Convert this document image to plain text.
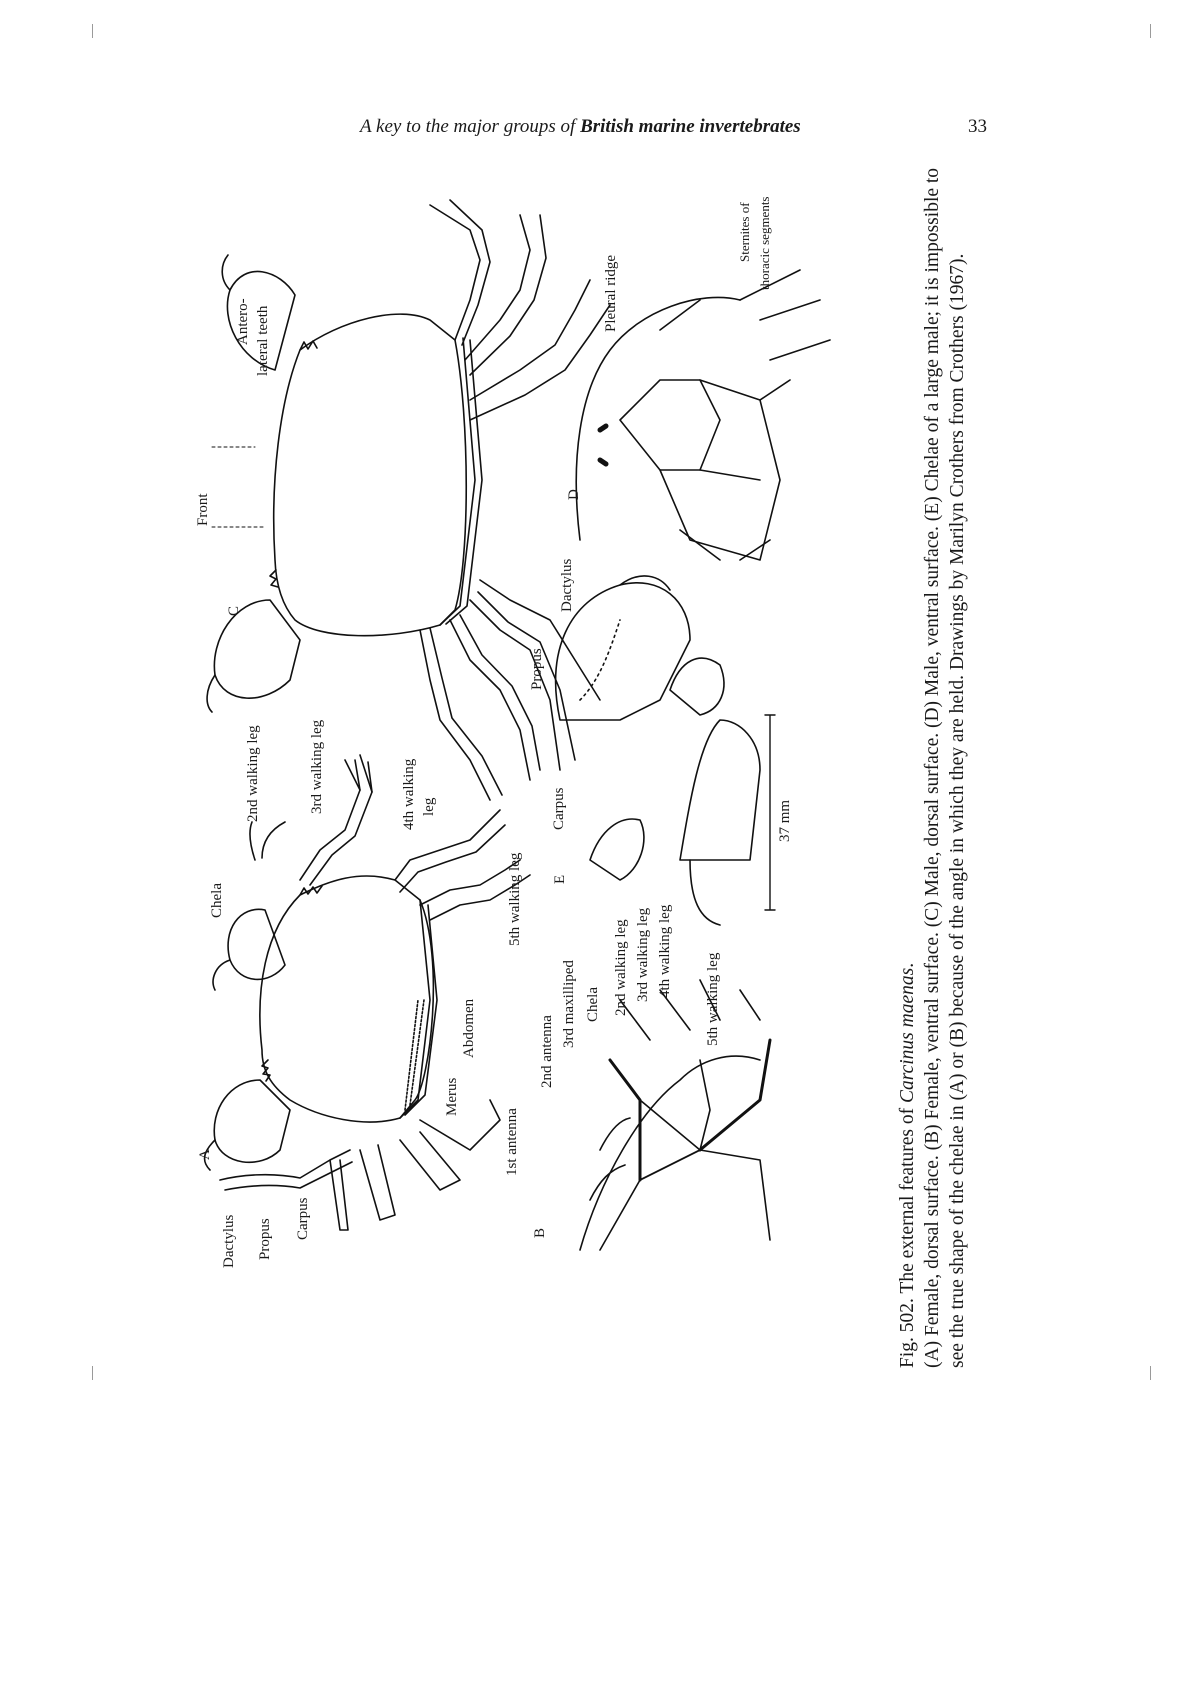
A key to the major groups of British marine invertebrates	33
A
B
C
D
E
Dactylus Propus Carpus
Merus
Abdomen
Chela
2nd walking leg	3rd walking leg	4th walking leg
5th walking leg
1st antenna
2nd antenna
3rd maxilliped Chela 2nd walking leg 3rd walking leg 4th walking leg
5th walking leg
Front
Antero- lateral teeth
Pleural ridge
Sternites of thoracic segments
Carpus
Propus
Dactylus
37 mm

Fig. 502. The external features of Carcinus maenas. (A) Female, dorsal surface. (B) Female, ventral surface. (C) Male, dorsal surface. (D) Male, ventral surface. (E) Chelae of a large male; it is impossible to see the true shape of the chelae in (A) or (B) because of the angle in which they are held. Drawings by Marilyn Crothers from Crothers (1967).
